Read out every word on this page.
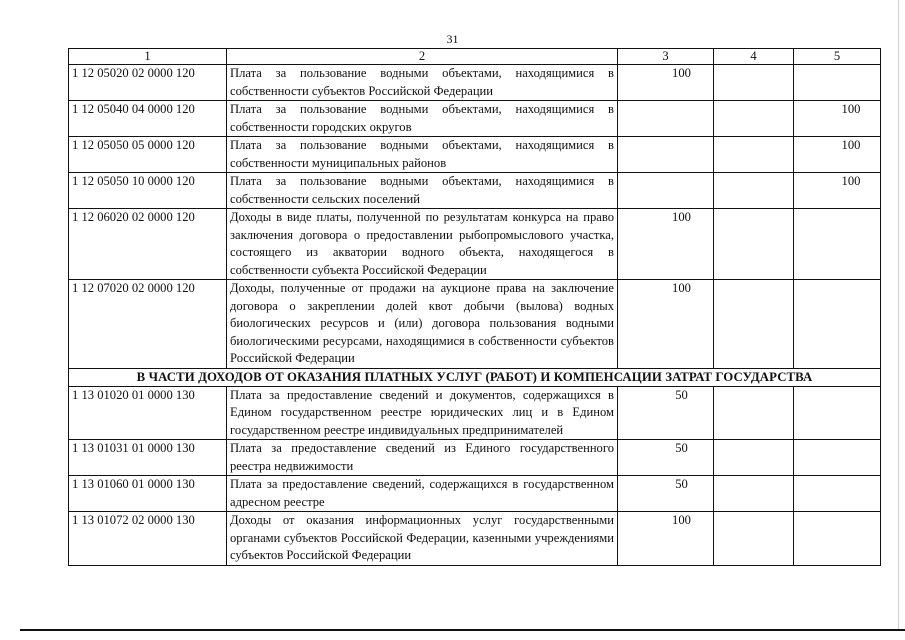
31
1	2	3	4	5
1 12 05020 02 0000 120	Плата за пользование водными объектами, находящимися в собственности субъектов Российской Федерации	100		
1 12 05040 04 0000 120	Плата за пользование водными объектами, находящимися в собственности городских округов			100
1 12 05050 05 0000 120	Плата за пользование водными объектами, находящимися в собственности муниципальных районов			100
1 12 05050 10 0000 120	Плата за пользование водными объектами, находящимися в собственности сельских поселений			100
1 12 06020 02 0000 120	Доходы в виде платы, полученной по результатам конкурса на право заключения договора о предоставлении рыбопромыслового участка, состоящего из акватории водного объекта, находящегося в собственности субъекта Российской Федерации	100		
1 12 07020 02 0000 120	Доходы, полученные от продажи на аукционе права на заключение договора о закреплении долей квот добычи (вылова) водных биологических ресурсов и (или) договора пользования водными биологическими ресурсами, находящимися в собственности субъектов Российской Федерации	100		
В ЧАСТИ ДОХОДОВ ОТ ОКАЗАНИЯ ПЛАТНЫХ УСЛУГ (РАБОТ) И КОМПЕНСАЦИИ ЗАТРАТ ГОСУДАРСТВА				
1 13 01020 01 0000 130	Плата за предоставление сведений и документов, содержащихся в Едином государственном реестре юридических лиц и в Едином государственном реестре индивидуальных предпринимателей	50		
1 13 01031 01 0000 130	Плата за предоставление сведений из Единого государственного реестра недвижимости	50		
1 13 01060 01 0000 130	Плата за предоставление сведений, содержащихся в государственном адресном реестре	50		
1 13 01072 02 0000 130	Доходы от оказания информационных услуг государственными органами субъектов Российской Федерации, казенными учреждениями субъектов Российской Федерации	100		
